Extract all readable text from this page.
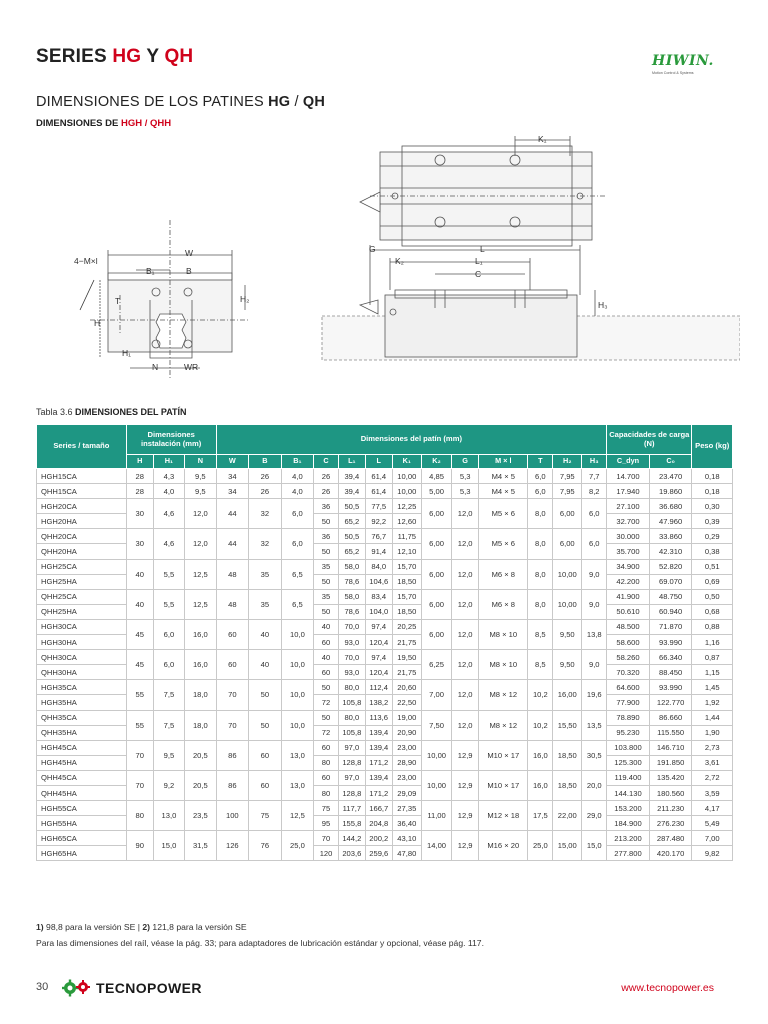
SERIES HG Y QH	HIWIN.
Motion Control & Systems
DIMENSIONES DE LOS PATINES HG / QH
DIMENSIONES DE HGH / QHH
4−M×l
W
B₁	B
T
H
H₂
H₁
N	WR
K₁
G	L
K₂	L₁
C
H₃
Tabla 3.6 DIMENSIONES DEL PATÍN
Series / tamaño	Dimensiones instalación (mm)			Dimensiones del patín (mm)													Capacidades de carga (N)		Peso (kg)
	H	H₁	N	W	B	B₁	C	L₁	L	K₁	K₂	G	M × l	T	H₂	H₃	C_dyn	C₀	
HGH15CA	28	4,3	9,5	34	26	4,0	26	39,4	61,4	10,00	4,85	5,3	M4 × 5	6,0	7,95	7,7	14.700	23.470	0,18
QHH15CA	28	4,0	9,5	34	26	4,0	26	39,4	61,4	10,00	5,00	5,3	M4 × 5	6,0	7,95	8,2	17.940	19.860	0,18
HGH20CA	30	4,6	12,0	44	32	6,0	36	50,5	77,5	12,25	6,00	12,0	M5 × 6	8,0	6,00	6,0	27.100	36.680	0,30
HGH20HA							50	65,2	92,2	12,60							32.700	47.960	0,39
QHH20CA	30	4,6	12,0	44	32	6,0	36	50,5	76,7	11,75	6,00	12,0	M5 × 6	8,0	6,00	6,0	30.000	33.860	0,29
QHH20HA							50	65,2	91,4	12,10							35.700	42.310	0,38
HGH25CA	40	5,5	12,5	48	35	6,5	35	58,0	84,0	15,70	6,00	12,0	M6 × 8	8,0	10,00	9,0	34.900	52.820	0,51
HGH25HA							50	78,6	104,6	18,50							42.200	69.070	0,69
QHH25CA	40	5,5	12,5	48	35	6,5	35	58,0	83,4	15,70	6,00	12,0	M6 × 8	8,0	10,00	9,0	41.900	48.750	0,50
QHH25HA							50	78,6	104,0	18,50							50.610	60.940	0,68
HGH30CA	45	6,0	16,0	60	40	10,0	40	70,0	97,4	20,25	6,00	12,0	M8 × 10	8,5	9,50	13,8	48.500	71.870	0,88
HGH30HA							60	93,0	120,4	21,75							58.600	93.990	1,16
QHH30CA	45	6,0	16,0	60	40	10,0	40	70,0	97,4	19,50	6,25	12,0	M8 × 10	8,5	9,50	9,0	58.260	66.340	0,87
QHH30HA							60	93,0	120,4	21,75							70.320	88.450	1,15
HGH35CA	55	7,5	18,0	70	50	10,0	50	80,0	112,4	20,60	7,00	12,0	M8 × 12	10,2	16,00	19,6	64.600	93.990	1,45
HGH35HA							72	105,8	138,2	22,50							77.900	122.770	1,92
QHH35CA	55	7,5	18,0	70	50	10,0	50	80,0	113,6	19,00	7,50	12,0	M8 × 12	10,2	15,50	13,5	78.890	86.660	1,44
QHH35HA							72	105,8	139,4	20,90							95.230	115.550	1,90
HGH45CA	70	9,5	20,5	86	60	13,0	60	97,0	139,4	23,00	10,00	12,9	M10 × 17	16,0	18,50	30,5	103.800	146.710	2,73
HGH45HA							80	128,8	171,2	28,90							125.300	191.850	3,61
QHH45CA	70	9,2	20,5	86	60	13,0	60	97,0	139,4	23,00	10,00	12,9	M10 × 17	16,0	18,50	20,0	119.400	135.420	2,72
QHH45HA							80	128,8	171,2	29,09							144.130	180.560	3,59
HGH55CA	80	13,0	23,5	100	75	12,5	75	117,7	166,7	27,35	11,00	12,9	M12 × 18	17,5	22,00	29,0	153.200	211.230	4,17
HGH55HA							95	155,8	204,8	36,40							184.900	276.230	5,49
HGH65CA	90	15,0	31,5	126	76	25,0	70	144,2	200,2	43,10	14,00	12,9	M16 × 20	25,0	15,00	15,0	213.200	287.480	7,00
HGH65HA							120	203,6	259,6	47,80							277.800	420.170	9,82
1) 98,8 para la versión SE | 2) 121,8 para la versión SE
Para las dimensiones del raíl, véase la pág. 33; para adaptadores de lubricación estándar y opcional, véase pág. 117.
30	TECNOPOWER	www.tecnopower.es
